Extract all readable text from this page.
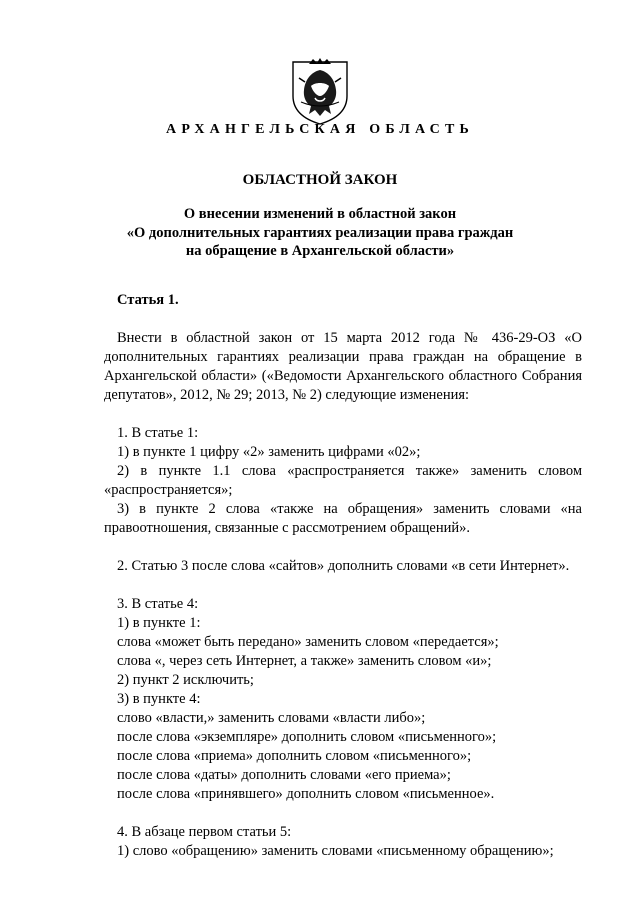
АРХАНГЕЛЬСКАЯ ОБЛАСТЬ
ОБЛАСТНОЙ ЗАКОН
О внесении изменений в областной закон
«О дополнительных гарантиях реализации права граждан
на обращение в Архангельской области»

Статья 1.

Внести в областной закон от 15 марта 2012 года № 436-29-ОЗ «О дополнительных гарантиях реализации права граждан на обращение в Архангельской области» («Ведомости Архангельского областного Собрания депутатов», 2012, № 29; 2013, № 2) следующие изменения:

1. В статье 1:

1) в пункте 1 цифру «2» заменить цифрами «02»;

2) в пункте 1.1 слова «распространяется также» заменить словом «распространяется»;

3) в пункте 2 слова «также на обращения» заменить словами «на правоотношения, связанные с рассмотрением обращений».

2. Статью 3 после слова «сайтов» дополнить словами «в сети Интернет».

3. В статье 4:

1) в пункте 1:

слова «может быть передано» заменить словом «передается»;

слова «, через сеть Интернет, а также» заменить словом «и»;

2) пункт 2 исключить;

3) в пункте 4:

слово «власти,» заменить словами «власти либо»;

после слова «экземпляре» дополнить словом «письменного»;

после слова «приема» дополнить словом «письменного»;

после слова «даты» дополнить словами «его приема»;

после слова «принявшего» дополнить словом «письменное».

4. В абзаце первом статьи 5:

1) слово «обращению» заменить словами «письменному обращению»;
